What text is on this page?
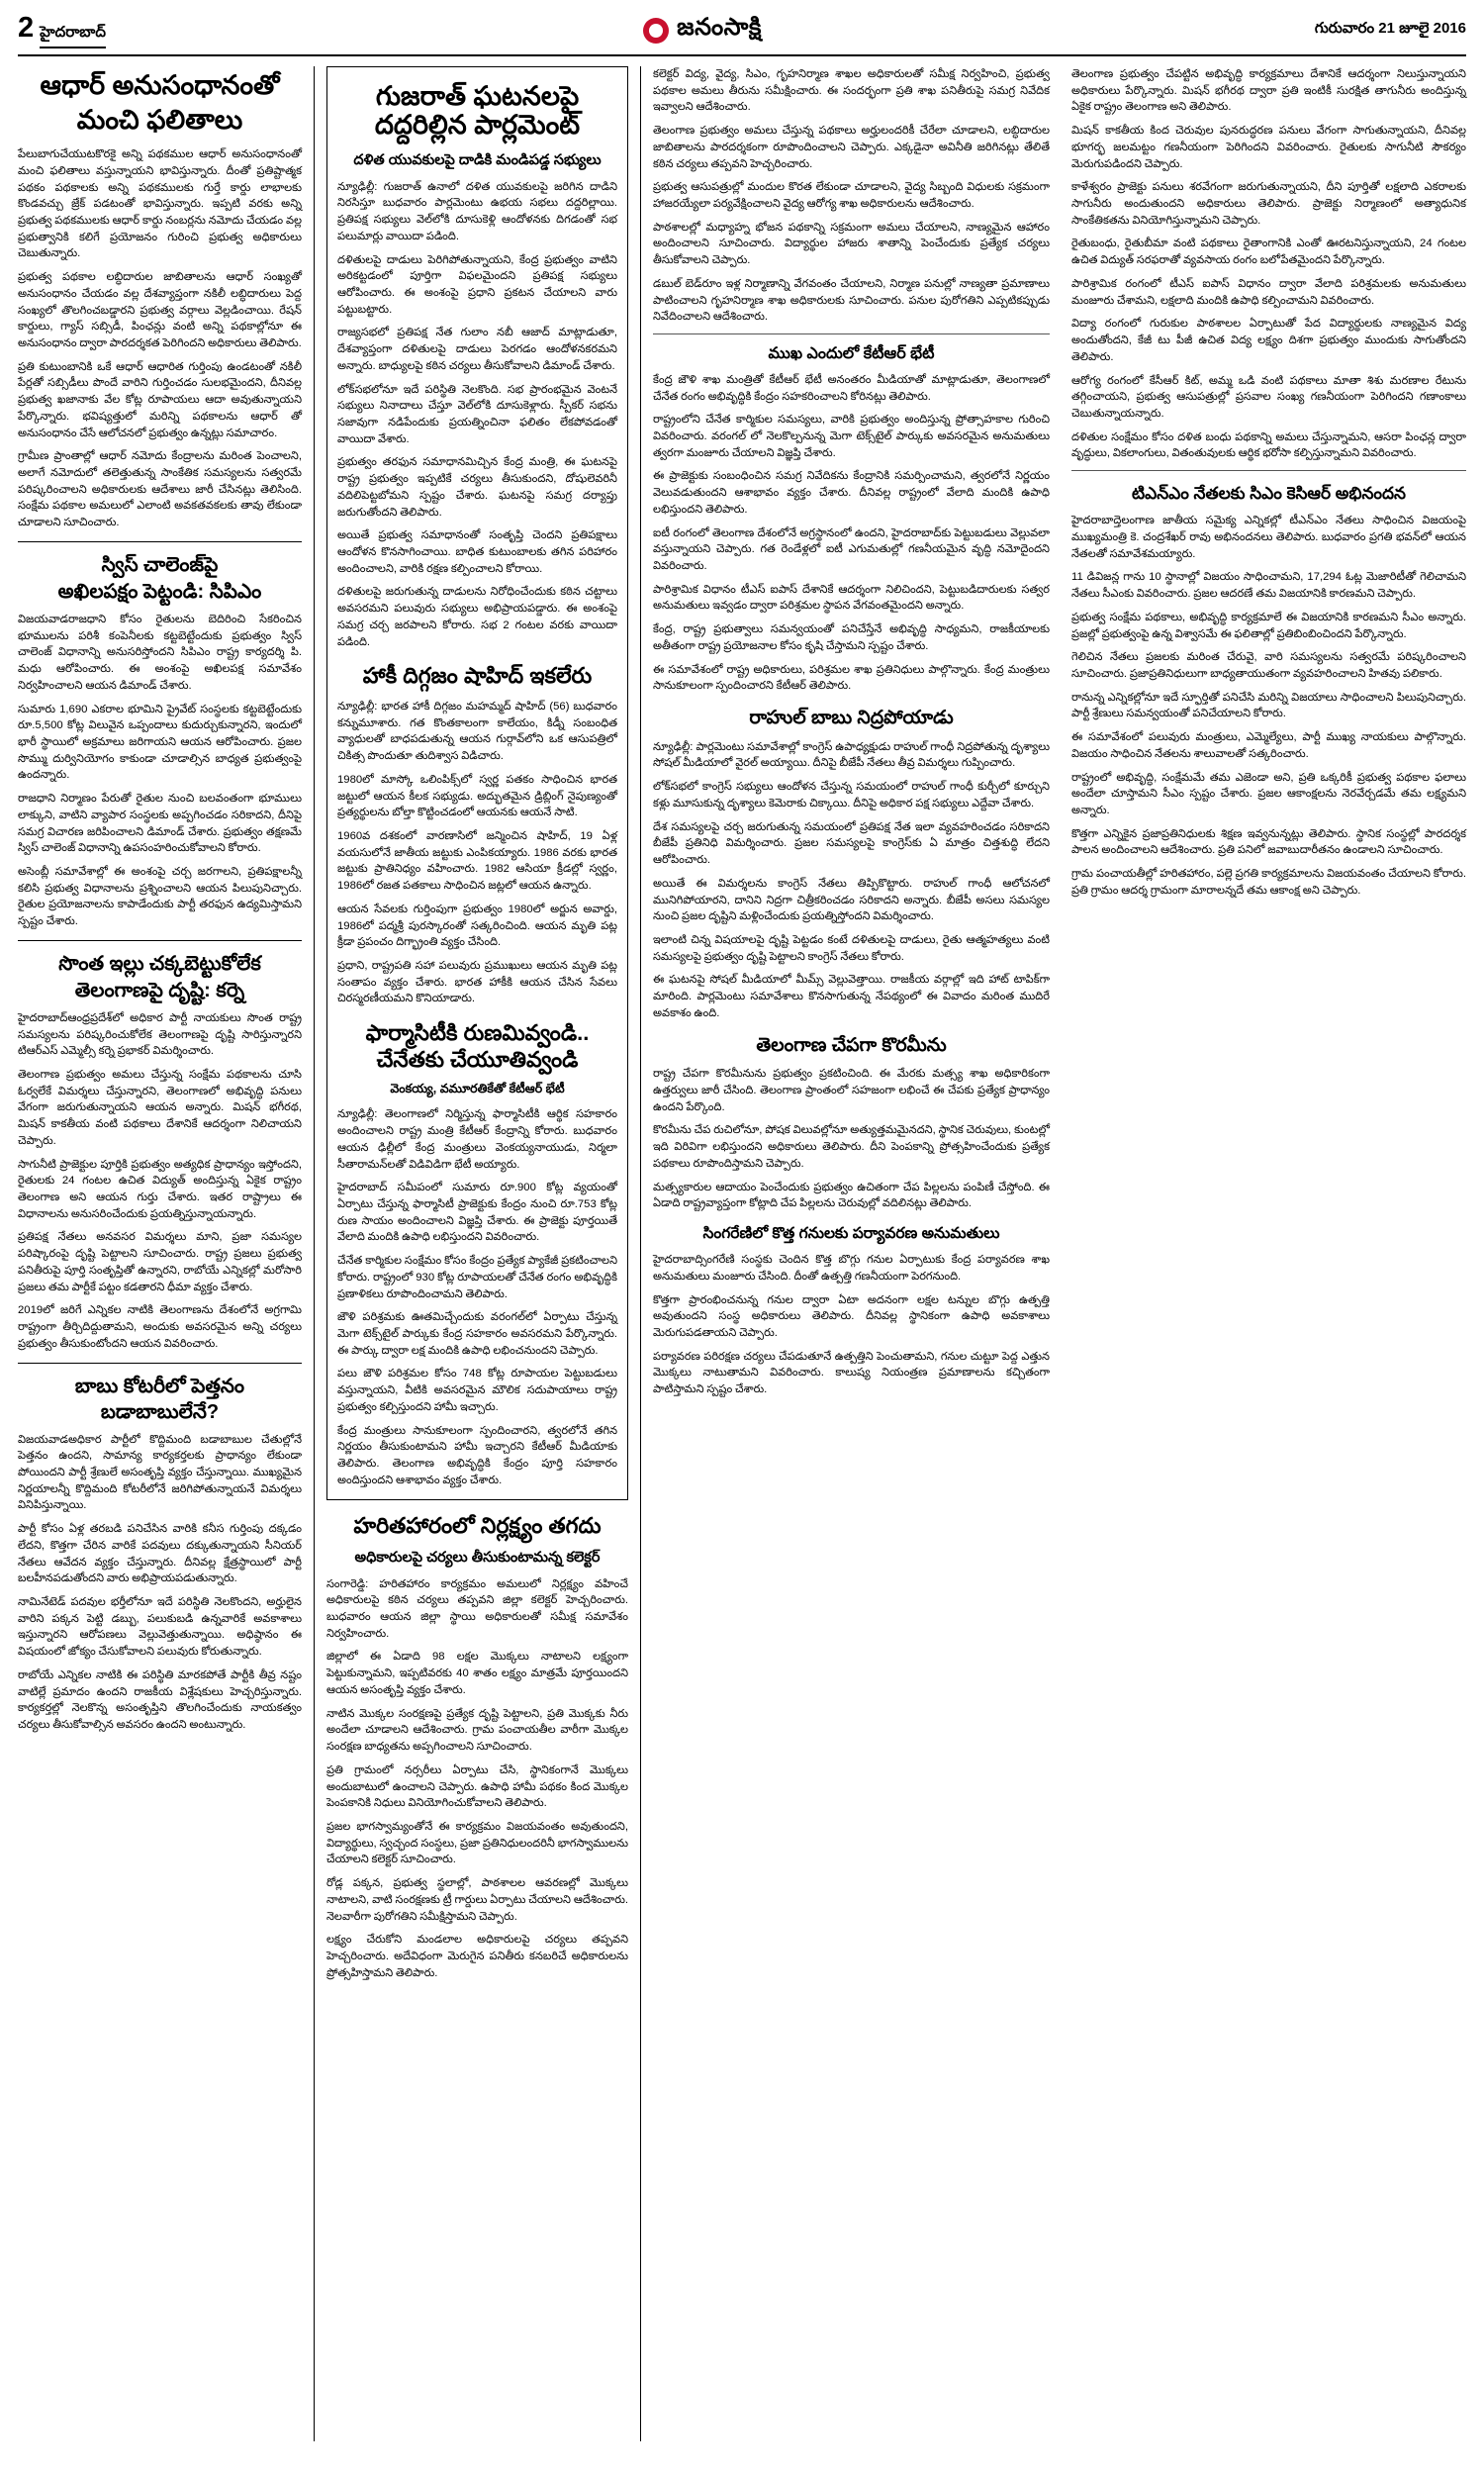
2 హైదరాబాద్	జనంసాక్షి	గురువారం 21 జూలై 2016
ఆధార్ అనుసంధానంతో మంచి ఫలితాలు

పేలుబాగుచేయుటకొరకై అన్ని పథకముల ఆధార్ అనుసంధానంతో మంచి ఫలితాలు వస్తున్నాయని భావిస్తున్నారు. దీంతో ప్రతిష్టాత్మక పథకం పథకాలకు అన్ని పథకములకు గుర్తే కార్డు లాభాలకు కొండవచ్చు జ్రేక్ పడటంతో భావిస్తున్నారు. ఇప్పటి వరకు అన్ని ప్రభుత్వ పథకములకు ఆధార్ కార్డు నంబర్లను నమోదు చేయడం వల్ల ప్రభుత్వానికి కలిగే ప్రయోజనం గురించి ప్రభుత్వ అధికారులు చెబుతున్నారు.

ప్రభుత్వ పథకాల లబ్ధిదారుల జాబితాలను ఆధార్ సంఖ్యతో అనుసంధానం చేయడం వల్ల దేశవ్యాప్తంగా నకిలీ లబ్ధిదారులు పెద్ద సంఖ్యలో తొలగించబడ్డారని ప్రభుత్వ వర్గాలు వెల్లడించాయి. రేషన్ కార్డులు, గ్యాస్ సబ్సిడీ, పింఛన్లు వంటి అన్ని పథకాల్లోనూ ఈ అనుసంధానం ద్వారా పారదర్శకత పెరిగిందని అధికారులు తెలిపారు.

ప్రతి కుటుంబానికి ఒకే ఆధార్ ఆధారిత గుర్తింపు ఉండటంతో నకిలీ పేర్లతో సబ్సిడీలు పొందే వారిని గుర్తించడం సులభమైందని, దీనివల్ల ప్రభుత్వ ఖజానాకు వేల కోట్ల రూపాయలు ఆదా అవుతున్నాయని పేర్కొన్నారు. భవిష్యత్తులో మరిన్ని పథకాలను ఆధార్ తో అనుసంధానం చేసే ఆలోచనలో ప్రభుత్వం ఉన్నట్లు సమాచారం.

గ్రామీణ ప్రాంతాల్లో ఆధార్ నమోదు కేంద్రాలను మరింత పెంచాలని, అలాగే నమోదులో తలెత్తుతున్న సాంకేతిక సమస్యలను సత్వరమే పరిష్కరించాలని అధికారులకు ఆదేశాలు జారీ చేసినట్లు తెలిసింది. సంక్షేమ పథకాల అమలులో ఎలాంటి అవకతవకలకు తావు లేకుండా చూడాలని సూచించారు.

స్విస్ చాలెంజ్‌పై
అఖిలపక్షం పెట్టండి: సిపిఎం

విజయవాడరాజధాని కోసం రైతులను బెదిరించి సేకరించిన భూములను పరిశీ కంపెనీలకు కట్టబెట్టేందుకు ప్రభుత్వం స్విస్ చాలెంజ్ విధానాన్ని అనుసరిస్తోందని సిపిఎం రాష్ట్ర కార్యదర్శి పి. మధు ఆరోపించారు. ఈ అంశంపై అఖిలపక్ష సమావేశం నిర్వహించాలని ఆయన డిమాండ్ చేశారు.

సుమారు 1,690 ఎకరాల భూమిని ప్రైవేట్ సంస్థలకు కట్టబెట్టేందుకు రూ.5,500 కోట్ల విలువైన ఒప్పందాలు కుదుర్చుకున్నారని, ఇందులో భారీ స్థాయిలో అక్రమాలు జరిగాయని ఆయన ఆరోపించారు. ప్రజల సొమ్ము దుర్వినియోగం కాకుండా చూడాల్సిన బాధ్యత ప్రభుత్వంపై ఉందన్నారు.

రాజధాని నిర్మాణం పేరుతో రైతుల నుంచి బలవంతంగా భూములు లాక్కుని, వాటిని వ్యాపార సంస్థలకు అప్పగించడం సరికాదని, దీనిపై సమగ్ర విచారణ జరిపించాలని డిమాండ్ చేశారు. ప్రభుత్వం తక్షణమే స్విస్ చాలెంజ్ విధానాన్ని ఉపసంహరించుకోవాలని కోరారు.

అసెంబ్లీ సమావేశాల్లో ఈ అంశంపై చర్చ జరగాలని, ప్రతిపక్షాలన్నీ కలిసి ప్రభుత్వ విధానాలను ప్రశ్నించాలని ఆయన పిలుపునిచ్చారు. రైతుల ప్రయోజనాలను కాపాడేందుకు పార్టీ తరఫున ఉద్యమిస్తామని స్పష్టం చేశారు.

సొంత ఇల్లు చక్కబెట్టుకోలేక
తెలంగాణపై దృష్టి: కర్నె

హైదరాబాద్ఆంధ్రప్రదేశ్‌లో అధికార పార్టీ నాయకులు సొంత రాష్ట్ర సమస్యలను పరిష్కరించుకోలేక తెలంగాణపై దృష్టి సారిస్తున్నారని టిఆర్ఎస్ ఎమ్మెల్సీ కర్నె ప్రభాకర్ విమర్శించారు.

తెలంగాణ ప్రభుత్వం అమలు చేస్తున్న సంక్షేమ పథకాలను చూసి ఓర్వలేకే విమర్శలు చేస్తున్నారని, తెలంగాణలో అభివృద్ధి పనులు వేగంగా జరుగుతున్నాయని ఆయన అన్నారు. మిషన్ భగీరథ, మిషన్ కాకతీయ వంటి పథకాలు దేశానికే ఆదర్శంగా నిలిచాయని చెప్పారు.

సాగునీటి ప్రాజెక్టుల పూర్తికి ప్రభుత్వం అత్యధిక ప్రాధాన్యం ఇస్తోందని, రైతులకు 24 గంటల ఉచిత విద్యుత్ అందిస్తున్న ఏకైక రాష్ట్రం తెలంగాణ అని ఆయన గుర్తు చేశారు. ఇతర రాష్ట్రాలు ఈ విధానాలను అనుసరించేందుకు ప్రయత్నిస్తున్నాయన్నారు.

ప్రతిపక్ష నేతలు అనవసర విమర్శలు మాని, ప్రజా సమస్యల పరిష్కారంపై దృష్టి పెట్టాలని సూచించారు. రాష్ట్ర ప్రజలు ప్రభుత్వ పనితీరుపై పూర్తి సంతృప్తితో ఉన్నారని, రాబోయే ఎన్నికల్లో మరోసారి ప్రజలు తమ పార్టీకే పట్టం కడతారని ధీమా వ్యక్తం చేశారు.

2019లో జరిగే ఎన్నికల నాటికి తెలంగాణను దేశంలోనే అగ్రగామి రాష్ట్రంగా తీర్చిదిద్దుతామని, అందుకు అవసరమైన అన్ని చర్యలు ప్రభుత్వం తీసుకుంటోందని ఆయన వివరించారు.

బాబు కోటరీలో పెత్తనం బడాబాబులేనే?

విజయవాడఅధికార పార్టీలో కొద్దిమంది బడాబాబుల చేతుల్లోనే పెత్తనం ఉందని, సామాన్య కార్యకర్తలకు ప్రాధాన్యం లేకుండా పోయిందని పార్టీ శ్రేణులే అసంతృప్తి వ్యక్తం చేస్తున్నాయి. ముఖ్యమైన నిర్ణయాలన్నీ కొద్దిమంది కోటరీలోనే జరిగిపోతున్నాయనే విమర్శలు వినిపిస్తున్నాయి.

పార్టీ కోసం ఏళ్ల తరబడి పనిచేసిన వారికి కనీస గుర్తింపు దక్కడం లేదని, కొత్తగా చేరిన వారికే పదవులు దక్కుతున్నాయని సీనియర్ నేతలు ఆవేదన వ్యక్తం చేస్తున్నారు. దీనివల్ల క్షేత్రస్థాయిలో పార్టీ బలహీనపడుతోందని వారు అభిప్రాయపడుతున్నారు.

నామినేటెడ్ పదవుల భర్తీలోనూ ఇదే పరిస్థితి నెలకొందని, అర్హులైన వారిని పక్కన పెట్టి డబ్బు, పలుకుబడి ఉన్నవారికే అవకాశాలు ఇస్తున్నారని ఆరోపణలు వెల్లువెత్తుతున్నాయి. అధిష్ఠానం ఈ విషయంలో జోక్యం చేసుకోవాలని పలువురు కోరుతున్నారు.

రాబోయే ఎన్నికల నాటికి ఈ పరిస్థితి మారకపోతే పార్టీకి తీవ్ర నష్టం వాటిల్లే ప్రమాదం ఉందని రాజకీయ విశ్లేషకులు హెచ్చరిస్తున్నారు. కార్యకర్తల్లో నెలకొన్న అసంతృప్తిని తొలగించేందుకు నాయకత్వం చర్యలు తీసుకోవాల్సిన అవసరం ఉందని అంటున్నారు.

గుజరాత్ ఘటనలపై
దద్దరిల్లిన పార్లమెంట్
దళిత యువకులపై దాడికి మండిపడ్డ సభ్యులు

న్యూఢిల్లీ: గుజరాత్ ఉనాలో దళిత యువకులపై జరిగిన దాడిని నిరసిస్తూ బుధవారం పార్లమెంటు ఉభయ సభలు దద్దరిల్లాయి. ప్రతిపక్ష సభ్యులు వెల్‌లోకి దూసుకెళ్లి ఆందోళనకు దిగడంతో సభ పలుమార్లు వాయిదా పడింది.

దళితులపై దాడులు పెరిగిపోతున్నాయని, కేంద్ర ప్రభుత్వం వాటిని అరికట్టడంలో పూర్తిగా విఫలమైందని ప్రతిపక్ష సభ్యులు ఆరోపించారు. ఈ అంశంపై ప్రధాని ప్రకటన చేయాలని వారు పట్టుబట్టారు.

రాజ్యసభలో ప్రతిపక్ష నేత గులాం నబీ ఆజాద్ మాట్లాడుతూ, దేశవ్యాప్తంగా దళితులపై దాడులు పెరగడం ఆందోళనకరమని అన్నారు. బాధ్యులపై కఠిన చర్యలు తీసుకోవాలని డిమాండ్ చేశారు.

లోక్‌సభలోనూ ఇదే పరిస్థితి నెలకొంది. సభ ప్రారంభమైన వెంటనే సభ్యులు నినాదాలు చేస్తూ వెల్‌లోకి దూసుకెళ్లారు. స్పీకర్ సభను సజావుగా నడిపేందుకు ప్రయత్నించినా ఫలితం లేకపోవడంతో వాయిదా వేశారు.

ప్రభుత్వం తరఫున సమాధానమిచ్చిన కేంద్ర మంత్రి, ఈ ఘటనపై రాష్ట్ర ప్రభుత్వం ఇప్పటికే చర్యలు తీసుకుందని, దోషులెవరినీ వదిలిపెట్టబోమని స్పష్టం చేశారు. ఘటనపై సమగ్ర దర్యాప్తు జరుగుతోందని తెలిపారు.

అయితే ప్రభుత్వ సమాధానంతో సంతృప్తి చెందని ప్రతిపక్షాలు ఆందోళన కొనసాగించాయి. బాధిత కుటుంబాలకు తగిన పరిహారం అందించాలని, వారికి రక్షణ కల్పించాలని కోరాయి.

దళితులపై జరుగుతున్న దాడులను నిరోధించేందుకు కఠిన చట్టాలు అవసరమని పలువురు సభ్యులు అభిప్రాయపడ్డారు. ఈ అంశంపై సమగ్ర చర్చ జరపాలని కోరారు. సభ 2 గంటల వరకు వాయిదా పడింది.

హాకీ దిగ్గజం షాహిద్ ఇకలేరు

న్యూఢిల్లీ: భారత హాకీ దిగ్గజం మహమ్మద్ షాహిద్ (56) బుధవారం కన్నుమూశారు. గత కొంతకాలంగా కాలేయం, కిడ్నీ సంబంధిత వ్యాధులతో బాధపడుతున్న ఆయన గుర్గావ్‌లోని ఒక ఆసుపత్రిలో చికిత్స పొందుతూ తుదిశ్వాస విడిచారు.

1980లో మాస్కో ఒలింపిక్స్‌లో స్వర్ణ పతకం సాధించిన భారత జట్టులో ఆయన కీలక సభ్యుడు. అద్భుతమైన డ్రిబ్లింగ్ నైపుణ్యంతో ప్రత్యర్థులను బోల్తా కొట్టించడంలో ఆయనకు ఆయనే సాటి.

1960వ దశకంలో వారణాసిలో జన్మించిన షాహిద్, 19 ఏళ్ల వయసులోనే జాతీయ జట్టుకు ఎంపికయ్యారు. 1986 వరకు భారత జట్టుకు ప్రాతినిధ్యం వహించారు. 1982 ఆసియా క్రీడల్లో స్వర్ణం, 1986లో రజత పతకాలు సాధించిన జట్లలో ఆయన ఉన్నారు.

ఆయన సేవలకు గుర్తింపుగా ప్రభుత్వం 1980లో అర్జున అవార్డు, 1986లో పద్మశ్రీ పురస్కారంతో సత్కరించింది. ఆయన మృతి పట్ల క్రీడా ప్రపంచం దిగ్భ్రాంతి వ్యక్తం చేసింది.

ప్రధాని, రాష్ట్రపతి సహా పలువురు ప్రముఖులు ఆయన మృతి పట్ల సంతాపం వ్యక్తం చేశారు. భారత హాకీకి ఆయన చేసిన సేవలు చిరస్మరణీయమని కొనియాడారు.

ఫార్మాసిటీకి రుణమివ్వండి..
చేనేతకు చేయూతివ్వండి
వెంకయ్య, వ‌మూరతికేతో కేటీఆర్ భేటీ

న్యూఢిల్లీ: తెలంగాణలో నిర్మిస్తున్న ఫార్మాసిటీకి ఆర్థిక సహకారం అందించాలని రాష్ట్ర మంత్రి కేటీఆర్ కేంద్రాన్ని కోరారు. బుధవారం ఆయన ఢిల్లీలో కేంద్ర మంత్రులు వెంకయ్యనాయుడు, నిర్మలా సీతారామన్‌లతో విడివిడిగా భేటీ అయ్యారు.

హైదరాబాద్ సమీపంలో సుమారు రూ.900 కోట్ల వ్యయంతో ఏర్పాటు చేస్తున్న ఫార్మాసిటీ ప్రాజెక్టుకు కేంద్రం నుంచి రూ.753 కోట్ల రుణ సాయం అందించాలని విజ్ఞప్తి చేశారు. ఈ ప్రాజెక్టు పూర్తయితే వేలాది మందికి ఉపాధి లభిస్తుందని వివరించారు.

చేనేత కార్మికుల సంక్షేమం కోసం కేంద్రం ప్రత్యేక ప్యాకేజీ ప్రకటించాలని కోరారు. రాష్ట్రంలో 930 కోట్ల రూపాయలతో చేనేత రంగం అభివృద్ధికి ప్రణాళికలు రూపొందించామని తెలిపారు.

జౌళి పరిశ్రమకు ఊతమిచ్చేందుకు వరంగల్‌లో ఏర్పాటు చేస్తున్న మెగా టెక్స్‌టైల్ పార్కుకు కేంద్ర సహకారం అవసరమని పేర్కొన్నారు. ఈ పార్కు ద్వారా లక్ష మందికి ఉపాధి లభించనుందని చెప్పారు.

పలు జౌళి పరిశ్రమల కోసం 748 కోట్ల రూపాయల పెట్టుబడులు వస్తున్నాయని, వీటికి అవసరమైన మౌలిక సదుపాయాలు రాష్ట్ర ప్రభుత్వం కల్పిస్తుందని హామీ ఇచ్చారు.

కేంద్ర మంత్రులు సానుకూలంగా స్పందించారని, త్వరలోనే తగిన నిర్ణయం తీసుకుంటామని హామీ ఇచ్చారని కేటీఆర్ మీడియాకు తెలిపారు. తెలంగాణ అభివృద్ధికి కేంద్రం పూర్తి సహకారం అందిస్తుందని ఆశాభావం వ్యక్తం చేశారు.

హరితహారంలో నిర్లక్ష్యం తగదు
అధికారులపై చర్యలు తీసుకుంటామన్న కలెక్టర్

సంగారెడ్డి: హరితహారం కార్యక్రమం అమలులో నిర్లక్ష్యం వహించే అధికారులపై కఠిన చర్యలు తప్పవని జిల్లా కలెక్టర్ హెచ్చరించారు. బుధవారం ఆయన జిల్లా స్థాయి అధికారులతో సమీక్ష సమావేశం నిర్వహించారు.

జిల్లాలో ఈ ఏడాది 98 లక్షల మొక్కలు నాటాలని లక్ష్యంగా పెట్టుకున్నామని, ఇప్పటివరకు 40 శాతం లక్ష్యం మాత్రమే పూర్తయిందని ఆయన అసంతృప్తి వ్యక్తం చేశారు.

నాటిన మొక్కల సంరక్షణపై ప్రత్యేక దృష్టి పెట్టాలని, ప్రతి మొక్కకు నీరు అందేలా చూడాలని ఆదేశించారు. గ్రామ పంచాయతీల వారీగా మొక్కల సంరక్షణ బాధ్యతను అప్పగించాలని సూచించారు.

ప్రతి గ్రామంలో నర్సరీలు ఏర్పాటు చేసి, స్థానికంగానే మొక్కలు అందుబాటులో ఉంచాలని చెప్పారు. ఉపాధి హామీ పథకం కింద మొక్కల పెంపకానికి నిధులు వినియోగించుకోవాలని తెలిపారు.

ప్రజల భాగస్వామ్యంతోనే ఈ కార్యక్రమం విజయవంతం అవుతుందని, విద్యార్థులు, స్వచ్ఛంద సంస్థలు, ప్రజా ప్రతినిధులందరినీ భాగస్వాములను చేయాలని కలెక్టర్ సూచించారు.

రోడ్ల పక్కన, ప్రభుత్వ స్థలాల్లో, పాఠశాలల ఆవరణల్లో మొక్కలు నాటాలని, వాటి సంరక్షణకు ట్రీ గార్డులు ఏర్పాటు చేయాలని ఆదేశించారు. నెలవారీగా పురోగతిని సమీక్షిస్తామని చెప్పారు.

లక్ష్యం చేరుకోని మండలాల అధికారులపై చర్యలు తప్పవని హెచ్చరించారు. అదేవిధంగా మెరుగైన పనితీరు కనబరిచే అధికారులను ప్రోత్సహిస్తామని తెలిపారు.

కలెక్టర్ విద్య, వైద్య, సిఎం, గృహనిర్మాణ శాఖల అధికారులతో సమీక్ష నిర్వహించి, ప్రభుత్వ పథకాల అమలు తీరును సమీక్షించారు. ఈ సందర్భంగా ప్రతి శాఖ పనితీరుపై సమగ్ర నివేదిక ఇవ్వాలని ఆదేశించారు.

తెలంగాణ ప్రభుత్వం అమలు చేస్తున్న పథకాలు అర్హులందరికీ చేరేలా చూడాలని, లబ్ధిదారుల జాబితాలను పారదర్శకంగా రూపొందించాలని చెప్పారు. ఎక్కడైనా అవినీతి జరిగినట్లు తేలితే కఠిన చర్యలు తప్పవని హెచ్చరించారు.

ప్రభుత్వ ఆసుపత్రుల్లో మందుల కొరత లేకుండా చూడాలని, వైద్య సిబ్బంది విధులకు సక్రమంగా హాజరయ్యేలా పర్యవేక్షించాలని వైద్య ఆరోగ్య శాఖ అధికారులను ఆదేశించారు.

పాఠశాలల్లో మధ్యాహ్న భోజన పథకాన్ని సక్రమంగా అమలు చేయాలని, నాణ్యమైన ఆహారం అందించాలని సూచించారు. విద్యార్థుల హాజరు శాతాన్ని పెంచేందుకు ప్రత్యేక చర్యలు తీసుకోవాలని చెప్పారు.

డబుల్ బెడ్‌రూం ఇళ్ల నిర్మాణాన్ని వేగవంతం చేయాలని, నిర్మాణ పనుల్లో నాణ్యతా ప్రమాణాలు పాటించాలని గృహనిర్మాణ శాఖ అధికారులకు సూచించారు. పనుల పురోగతిని ఎప్పటికప్పుడు నివేదించాలని ఆదేశించారు.

ముఖ ఎందులో కేటీఆర్ భేటీ

కేంద్ర జౌళి శాఖ మంత్రితో కేటీఆర్ భేటీ అనంతరం మీడియాతో మాట్లాడుతూ, తెలంగాణలో చేనేత రంగం అభివృద్ధికి కేంద్రం సహకరించాలని కోరినట్లు తెలిపారు.

రాష్ట్రంలోని చేనేత కార్మికుల సమస్యలు, వారికి ప్రభుత్వం అందిస్తున్న ప్రోత్సాహకాల గురించి వివరించారు. వరంగల్ లో నెలకొల్పనున్న మెగా టెక్స్‌టైల్ పార్కుకు అవసరమైన అనుమతులు త్వరగా మంజూరు చేయాలని విజ్ఞప్తి చేశారు.

ఈ ప్రాజెక్టుకు సంబంధించిన సమగ్ర నివేదికను కేంద్రానికి సమర్పించామని, త్వరలోనే నిర్ణయం వెలువడుతుందని ఆశాభావం వ్యక్తం చేశారు. దీనివల్ల రాష్ట్రంలో వేలాది మందికి ఉపాధి లభిస్తుందని తెలిపారు.

ఐటీ రంగంలో తెలంగాణ దేశంలోనే అగ్రస్థానంలో ఉందని, హైదరాబాద్‌కు పెట్టుబడులు వెల్లువలా వస్తున్నాయని చెప్పారు. గత రెండేళ్లలో ఐటీ ఎగుమతుల్లో గణనీయమైన వృద్ధి నమోదైందని వివరించారు.

పారిశ్రామిక విధానం టీఎస్ ఐపాస్ దేశానికే ఆదర్శంగా నిలిచిందని, పెట్టుబడిదారులకు సత్వర అనుమతులు ఇవ్వడం ద్వారా పరిశ్రమల స్థాపన వేగవంతమైందని అన్నారు.

కేంద్ర, రాష్ట్ర ప్రభుత్వాలు సమన్వయంతో పనిచేస్తేనే అభివృద్ధి సాధ్యమని, రాజకీయాలకు అతీతంగా రాష్ట్ర ప్రయోజనాల కోసం కృషి చేస్తామని స్పష్టం చేశారు.

ఈ సమావేశంలో రాష్ట్ర అధికారులు, పరిశ్రమల శాఖ ప్రతినిధులు పాల్గొన్నారు. కేంద్ర మంత్రులు సానుకూలంగా స్పందించారని కేటీఆర్ తెలిపారు.

రాహుల్ బాబు నిద్రపోయాడు

న్యూఢిల్లీ: పార్లమెంటు సమావేశాల్లో కాంగ్రెస్ ఉపాధ్యక్షుడు రాహుల్ గాంధీ నిద్రపోతున్న దృశ్యాలు సోషల్ మీడియాలో వైరల్ అయ్యాయి. దీనిపై బీజేపీ నేతలు తీవ్ర విమర్శలు గుప్పించారు.

లోక్‌సభలో కాంగ్రెస్ సభ్యులు ఆందోళన చేస్తున్న సమయంలో రాహుల్ గాంధీ కుర్చీలో కూర్చుని కళ్లు మూసుకున్న దృశ్యాలు కెమెరాకు చిక్కాయి. దీనిపై అధికార పక్ష సభ్యులు ఎద్దేవా చేశారు.

దేశ సమస్యలపై చర్చ జరుగుతున్న సమయంలో ప్రతిపక్ష నేత ఇలా వ్యవహరించడం సరికాదని బీజేపీ ప్రతినిధి విమర్శించారు. ప్రజల సమస్యలపై కాంగ్రెస్‌కు ఏ మాత్రం చిత్తశుద్ధి లేదని ఆరోపించారు.

అయితే ఈ విమర్శలను కాంగ్రెస్ నేతలు తిప్పికొట్టారు. రాహుల్ గాంధీ ఆలోచనలో మునిగిపోయారని, దానిని నిద్రగా చిత్రీకరించడం సరికాదని అన్నారు. బీజేపీ అసలు సమస్యల నుంచి ప్రజల దృష్టిని మళ్లించేందుకు ప్రయత్నిస్తోందని విమర్శించారు.

ఇలాంటి చిన్న విషయాలపై దృష్టి పెట్టడం కంటే దళితులపై దాడులు, రైతు ఆత్మహత్యలు వంటి సమస్యలపై ప్రభుత్వం దృష్టి పెట్టాలని కాంగ్రెస్ నేతలు కోరారు.

ఈ ఘటనపై సోషల్ మీడియాలో మీమ్స్ వెల్లువెత్తాయి. రాజకీయ వర్గాల్లో ఇది హాట్ టాపిక్‌గా మారింది. పార్లమెంటు సమావేశాలు కొనసాగుతున్న నేపథ్యంలో ఈ వివాదం మరింత ముదిరే అవకాశం ఉంది.

తెలంగాణ చేపగా కొరమీను

రాష్ట్ర చేపగా కొరమీనును ప్రభుత్వం ప్రకటించింది. ఈ మేరకు మత్స్య శాఖ అధికారికంగా ఉత్తర్వులు జారీ చేసింది. తెలంగాణ ప్రాంతంలో సహజంగా లభించే ఈ చేపకు ప్రత్యేక ప్రాధాన్యం ఉందని పేర్కొంది.

కొరమీను చేప రుచిలోనూ, పోషక విలువల్లోనూ అత్యుత్తమమైనదని, స్థానిక చెరువులు, కుంటల్లో ఇది విరివిగా లభిస్తుందని అధికారులు తెలిపారు. దీని పెంపకాన్ని ప్రోత్సహించేందుకు ప్రత్యేక పథకాలు రూపొందిస్తామని చెప్పారు.

మత్స్యకారుల ఆదాయం పెంచేందుకు ప్రభుత్వం ఉచితంగా చేప పిల్లలను పంపిణీ చేస్తోంది. ఈ ఏడాది రాష్ట్రవ్యాప్తంగా కోట్లాది చేప పిల్లలను చెరువుల్లో వదిలినట్లు తెలిపారు.

సింగరేణిలో కొత్త గనులకు పర్యావరణ అనుమతులు

హైదరాబాద్సింగరేణి సంస్థకు చెందిన కొత్త బొగ్గు గనుల ఏర్పాటుకు కేంద్ర పర్యావరణ శాఖ అనుమతులు మంజూరు చేసింది. దీంతో ఉత్పత్తి గణనీయంగా పెరగనుంది.

కొత్తగా ప్రారంభించనున్న గనుల ద్వారా ఏటా అదనంగా లక్షల టన్నుల బొగ్గు ఉత్పత్తి అవుతుందని సంస్థ అధికారులు తెలిపారు. దీనివల్ల స్థానికంగా ఉపాధి అవకాశాలు మెరుగుపడతాయని చెప్పారు.

పర్యావరణ పరిరక్షణ చర్యలు చేపడుతూనే ఉత్పత్తిని పెంచుతామని, గనుల చుట్టూ పెద్ద ఎత్తున మొక్కలు నాటుతామని వివరించారు. కాలుష్య నియంత్రణ ప్రమాణాలను కచ్చితంగా పాటిస్తామని స్పష్టం చేశారు.

తెలంగాణ ప్రభుత్వం చేపట్టిన అభివృద్ధి కార్యక్రమాలు దేశానికే ఆదర్శంగా నిలుస్తున్నాయని అధికారులు పేర్కొన్నారు. మిషన్ భగీరథ ద్వారా ప్రతి ఇంటికీ సురక్షిత తాగునీరు అందిస్తున్న ఏకైక రాష్ట్రం తెలంగాణ అని తెలిపారు.

మిషన్ కాకతీయ కింద చెరువుల పునరుద్ధరణ పనులు వేగంగా సాగుతున్నాయని, దీనివల్ల భూగర్భ జలమట్టం గణనీయంగా పెరిగిందని వివరించారు. రైతులకు సాగునీటి సౌకర్యం మెరుగుపడిందని చెప్పారు.

కాళేశ్వరం ప్రాజెక్టు పనులు శరవేగంగా జరుగుతున్నాయని, దీని పూర్తితో లక్షలాది ఎకరాలకు సాగునీరు అందుతుందని అధికారులు తెలిపారు. ప్రాజెక్టు నిర్మాణంలో అత్యాధునిక సాంకేతికతను వినియోగిస్తున్నామని చెప్పారు.

రైతుబంధు, రైతుబీమా వంటి పథకాలు రైతాంగానికి ఎంతో ఊరటనిస్తున్నాయని, 24 గంటల ఉచిత విద్యుత్ సరఫరాతో వ్యవసాయ రంగం బలోపేతమైందని పేర్కొన్నారు.

పారిశ్రామిక రంగంలో టీఎస్ ఐపాస్ విధానం ద్వారా వేలాది పరిశ్రమలకు అనుమతులు మంజూరు చేశామని, లక్షలాది మందికి ఉపాధి కల్పించామని వివరించారు.

విద్యా రంగంలో గురుకుల పాఠశాలల ఏర్పాటుతో పేద విద్యార్థులకు నాణ్యమైన విద్య అందుతోందని, కేజీ టు పీజీ ఉచిత విద్య లక్ష్యం దిశగా ప్రభుత్వం ముందుకు సాగుతోందని తెలిపారు.

ఆరోగ్య రంగంలో కేసీఆర్ కిట్, అమ్మ ఒడి వంటి పథకాలు మాతా శిశు మరణాల రేటును తగ్గించాయని, ప్రభుత్వ ఆసుపత్రుల్లో ప్రసవాల సంఖ్య గణనీయంగా పెరిగిందని గణాంకాలు చెబుతున్నాయన్నారు.

దళితుల సంక్షేమం కోసం దళిత బంధు పథకాన్ని అమలు చేస్తున్నామని, ఆసరా పింఛన్ల ద్వారా వృద్ధులు, వికలాంగులు, వితంతువులకు ఆర్థిక భరోసా కల్పిస్తున్నామని వివరించారు.

టిఎన్ఎం నేతలకు సిఎం కెసిఆర్ అభినందన

హైదరాబాద్తెలంగాణ జాతీయ సమైక్య ఎన్నికల్లో టీఎన్ఎం నేతలు సాధించిన విజయంపై ముఖ్యమంత్రి కె. చంద్రశేఖర్ రావు అభినందనలు తెలిపారు. బుధవారం ప్రగతి భవన్‌లో ఆయన నేతలతో సమావేశమయ్యారు.

11 డివిజన్ల గాను 10 స్థానాల్లో విజయం సాధించామని, 17,294 ఓట్ల మెజారిటీతో గెలిచామని నేతలు సీఎంకు వివరించారు. ప్రజల ఆదరణే తమ విజయానికి కారణమని చెప్పారు.

ప్రభుత్వ సంక్షేమ పథకాలు, అభివృద్ధి కార్యక్రమాలే ఈ విజయానికి కారణమని సీఎం అన్నారు. ప్రజల్లో ప్రభుత్వంపై ఉన్న విశ్వాసమే ఈ ఫలితాల్లో ప్రతిబింబించిందని పేర్కొన్నారు.

గెలిచిన నేతలు ప్రజలకు మరింత చేరువై, వారి సమస్యలను సత్వరమే పరిష్కరించాలని సూచించారు. ప్రజాప్రతినిధులుగా బాధ్యతాయుతంగా వ్యవహరించాలని హితవు పలికారు.

రానున్న ఎన్నికల్లోనూ ఇదే స్ఫూర్తితో పనిచేసి మరిన్ని విజయాలు సాధించాలని పిలుపునిచ్చారు. పార్టీ శ్రేణులు సమన్వయంతో పనిచేయాలని కోరారు.

ఈ సమావేశంలో పలువురు మంత్రులు, ఎమ్మెల్యేలు, పార్టీ ముఖ్య నాయకులు పాల్గొన్నారు. విజయం సాధించిన నేతలను శాలువాలతో సత్కరించారు.

రాష్ట్రంలో అభివృద్ధి, సంక్షేమమే తమ ఎజెండా అని, ప్రతి ఒక్కరికీ ప్రభుత్వ పథకాల ఫలాలు అందేలా చూస్తామని సీఎం స్పష్టం చేశారు. ప్రజల ఆకాంక్షలను నెరవేర్చడమే తమ లక్ష్యమని అన్నారు.

కొత్తగా ఎన్నికైన ప్రజాప్రతినిధులకు శిక్షణ ఇవ్వనున్నట్లు తెలిపారు. స్థానిక సంస్థల్లో పారదర్శక పాలన అందించాలని ఆదేశించారు. ప్రతి పనిలో జవాబుదారీతనం ఉండాలని సూచించారు.

గ్రామ పంచాయతీల్లో హరితహారం, పల్లె ప్రగతి కార్యక్రమాలను విజయవంతం చేయాలని కోరారు. ప్రతి గ్రామం ఆదర్శ గ్రామంగా మారాలన్నదే తమ ఆకాంక్ష అని చెప్పారు.
